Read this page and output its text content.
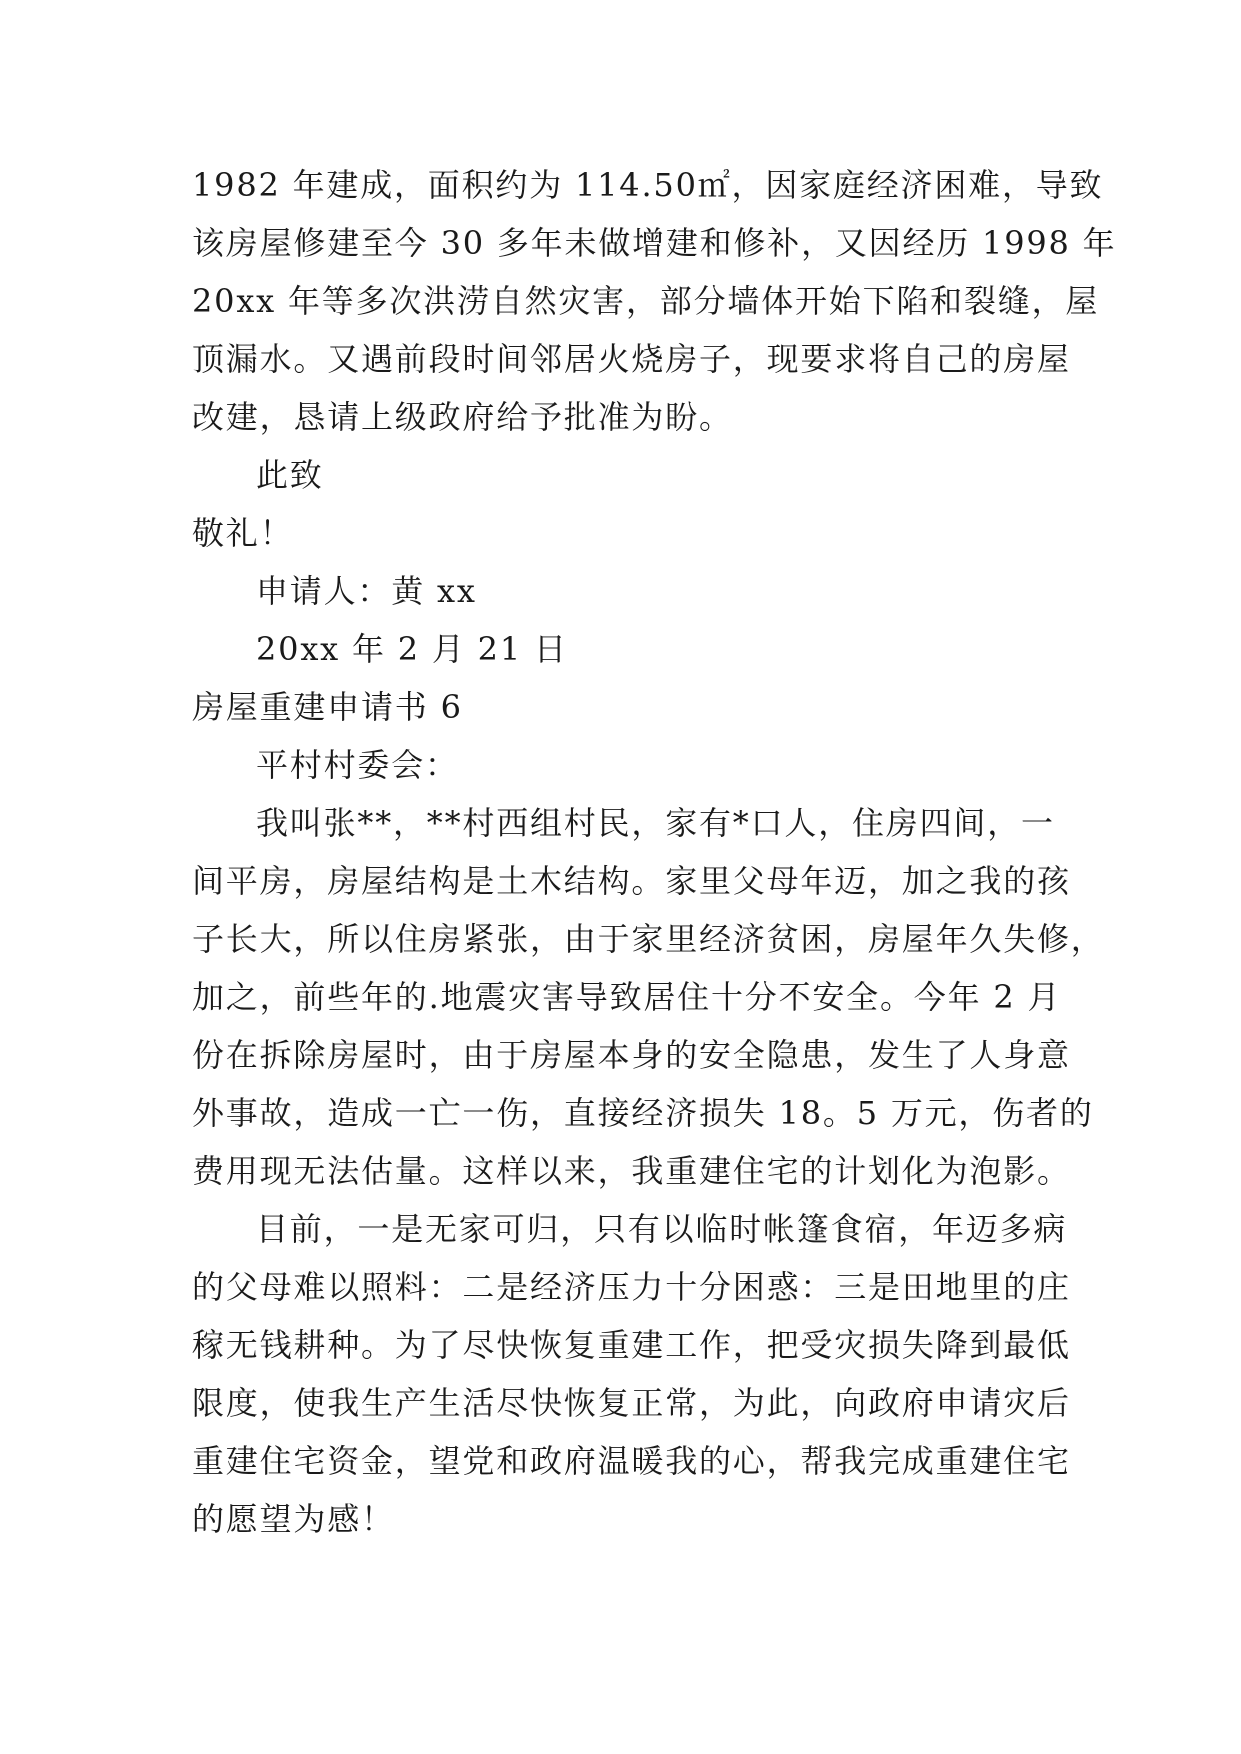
1982 年建成，面积约为 114.50㎡，因家庭经济困难，导致
该房屋修建至今 30 多年未做增建和修补，又因经历 1998 年
20xx 年等多次洪涝自然灾害，部分墙体开始下陷和裂缝，屋
顶漏水。又遇前段时间邻居火烧房子，现要求将自己的房屋
改建，恳请上级政府给予批准为盼。
此致
敬礼！
申请人：黄 xx
20xx 年 2 月 21 日
房屋重建申请书 6
平村村委会：
我叫张**，**村西组村民，家有*口人，住房四间，一
间平房，房屋结构是土木结构。家里父母年迈，加之我的孩
子长大，所以住房紧张，由于家里经济贫困，房屋年久失修，
加之，前些年的.地震灾害导致居住十分不安全。今年 2 月
份在拆除房屋时，由于房屋本身的安全隐患，发生了人身意
外事故，造成一亡一伤，直接经济损失 18。5 万元，伤者的
费用现无法估量。这样以来，我重建住宅的计划化为泡影。
目前，一是无家可归，只有以临时帐篷食宿，年迈多病
的父母难以照料：二是经济压力十分困惑：三是田地里的庄
稼无钱耕种。为了尽快恢复重建工作，把受灾损失降到最低
限度，使我生产生活尽快恢复正常，为此，向政府申请灾后
重建住宅资金，望党和政府温暖我的心，帮我完成重建住宅
的愿望为感！
